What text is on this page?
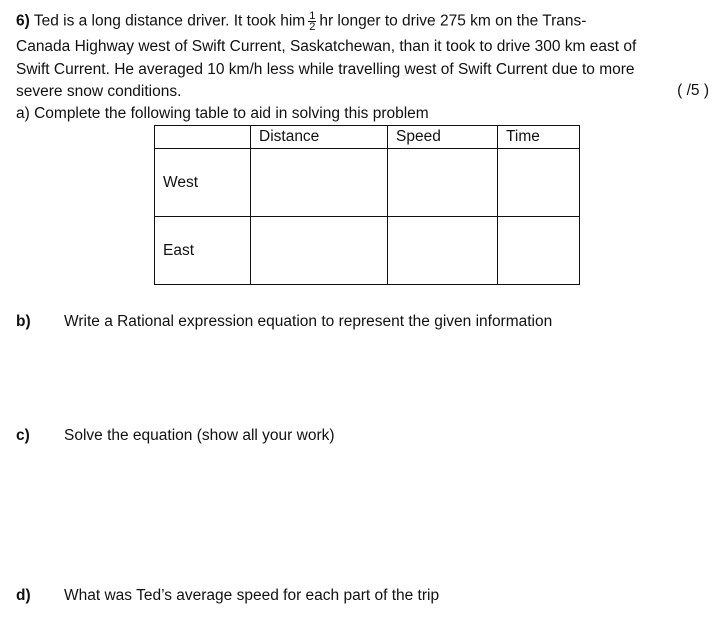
6) Ted is a long distance driver. It took him $\frac{1}{2}$ hr longer to drive 275 km on the Trans-
Canada Highway west of Swift Current, Saskatchewan, than it took to drive 300 km east of
Swift Current. He averaged 10 km/h less while travelling west of Swift Current due to more
severe snow conditions.	( /5 )
a) Complete the following table to aid in solving this problem
	Distance	Speed	Time
West			
East			
b) Write a Rational expression equation to represent the given information
c) Solve the equation (show all your work)
d) What was Ted’s average speed for each part of the trip
